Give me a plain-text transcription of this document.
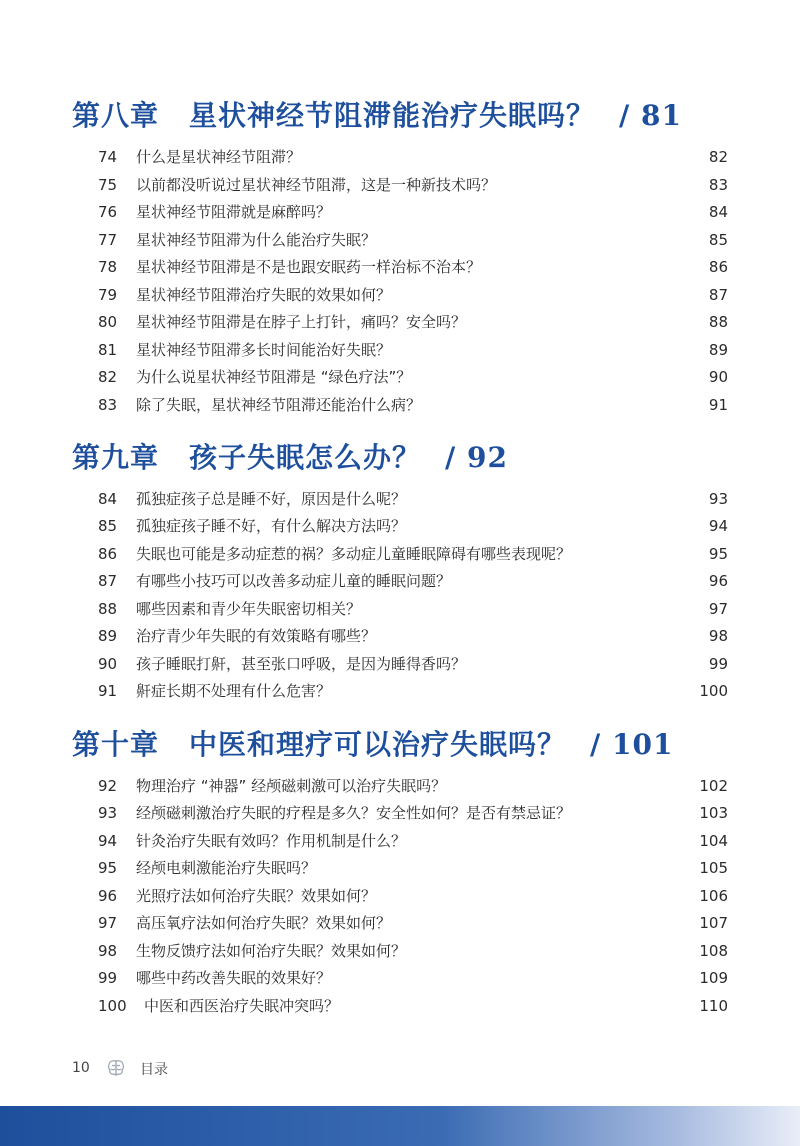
第八章 星状神经节阻滞能治疗失眠吗？ / 81
74	什么是星状神经节阻滞？	82
75	以前都没听说过星状神经节阻滞，这是一种新技术吗？	83
76	星状神经节阻滞就是麻醉吗？	84
77	星状神经节阻滞为什么能治疗失眠？	85
78	星状神经节阻滞是不是也跟安眠药一样治标不治本？	86
79	星状神经节阻滞治疗失眠的效果如何？	87
80	星状神经节阻滞是在脖子上打针，痛吗？安全吗？	88
81	星状神经节阻滞多长时间能治好失眠？	89
82	为什么说星状神经节阻滞是 “绿色疗法”？	90
83	除了失眠，星状神经节阻滞还能治什么病？	91
第九章 孩子失眠怎么办？ / 92
84	孤独症孩子总是睡不好，原因是什么呢？	93
85	孤独症孩子睡不好，有什么解决方法吗？	94
86	失眠也可能是多动症惹的祸？多动症儿童睡眠障碍有哪些表现呢？	95
87	有哪些小技巧可以改善多动症儿童的睡眠问题？	96
88	哪些因素和青少年失眠密切相关？	97
89	治疗青少年失眠的有效策略有哪些？	98
90	孩子睡眠打鼾，甚至张口呼吸，是因为睡得香吗？	99
91	鼾症长期不处理有什么危害？	100
第十章 中医和理疗可以治疗失眠吗？ / 101
92	物理治疗 “神器” 经颅磁刺激可以治疗失眠吗？	102
93	经颅磁刺激治疗失眠的疗程是多久？安全性如何？是否有禁忌证？	103
94	针灸治疗失眠有效吗？作用机制是什么？	104
95	经颅电刺激能治疗失眠吗？	105
96	光照疗法如何治疗失眠？效果如何？	106
97	高压氧疗法如何治疗失眠？效果如何？	107
98	生物反馈疗法如何治疗失眠？效果如何？	108
99	哪些中药改善失眠的效果好？	109
100 中医和西医治疗失眠冲突吗？	110
10	目录
